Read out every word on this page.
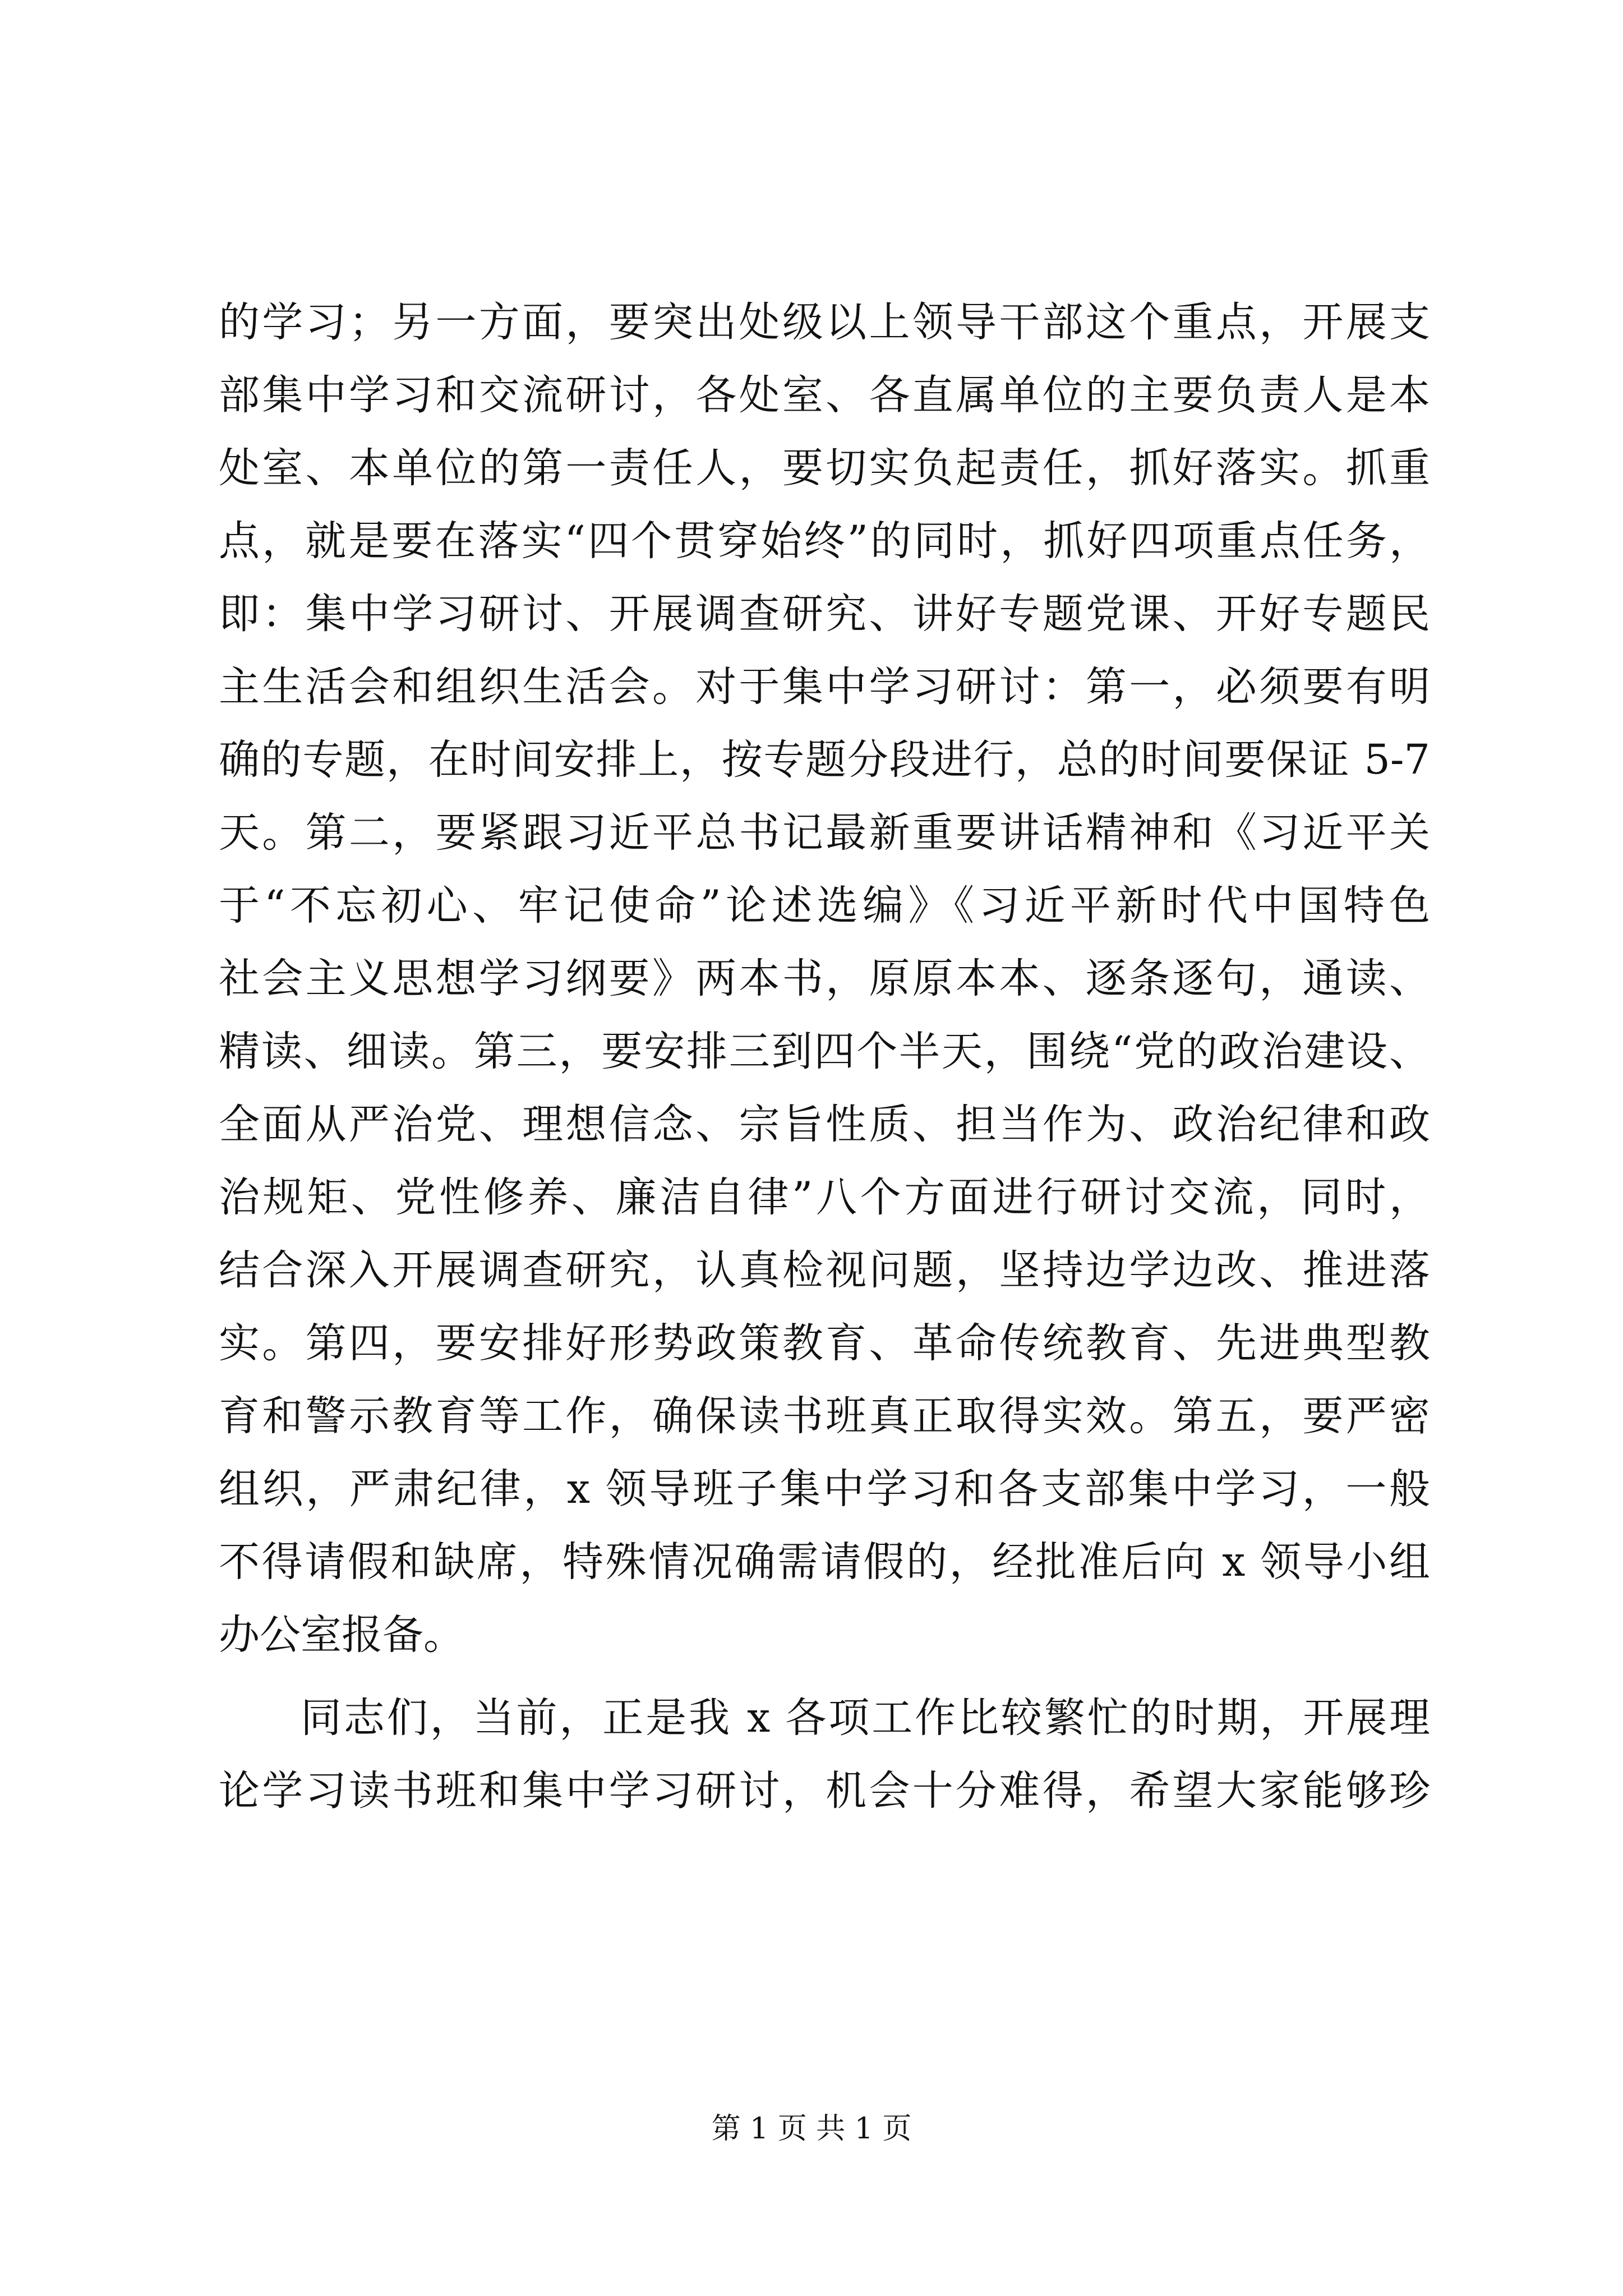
的学习；另一方面，要突出处级以上领导干部这个重点，开展支
部集中学习和交流研讨，各处室、各直属单位的主要负责人是本
处室、本单位的第一责任人，要切实负起责任，抓好落实。抓重
点，就是要在落实“四个贯穿始终”的同时，抓好四项重点任务，
即：集中学习研讨、开展调查研究、讲好专题党课、开好专题民
主生活会和组织生活会。对于集中学习研讨：第一，必须要有明
确的专题，在时间安排上，按专题分段进行，总的时间要保证 5-7
天。第二，要紧跟习近平总书记最新重要讲话精神和《习近平关
于“不忘初心、牢记使命”论述选编》《习近平新时代中国特色
社会主义思想学习纲要》两本书，原原本本、逐条逐句，通读、
精读、细读。第三，要安排三到四个半天，围绕“党的政治建设、
全面从严治党、理想信念、宗旨性质、担当作为、政治纪律和政
治规矩、党性修养、廉洁自律”八个方面进行研讨交流，同时，
结合深入开展调查研究，认真检视问题，坚持边学边改、推进落
实。第四，要安排好形势政策教育、革命传统教育、先进典型教
育和警示教育等工作，确保读书班真正取得实效。第五，要严密
组织，严肃纪律，x 领导班子集中学习和各支部集中学习，一般
不得请假和缺席，特殊情况确需请假的，经批准后向 x 领导小组
办公室报备。
同志们，当前，正是我 x 各项工作比较繁忙的时期，开展理
论学习读书班和集中学习研讨，机会十分难得，希望大家能够珍
第 1 页 共 1 页
